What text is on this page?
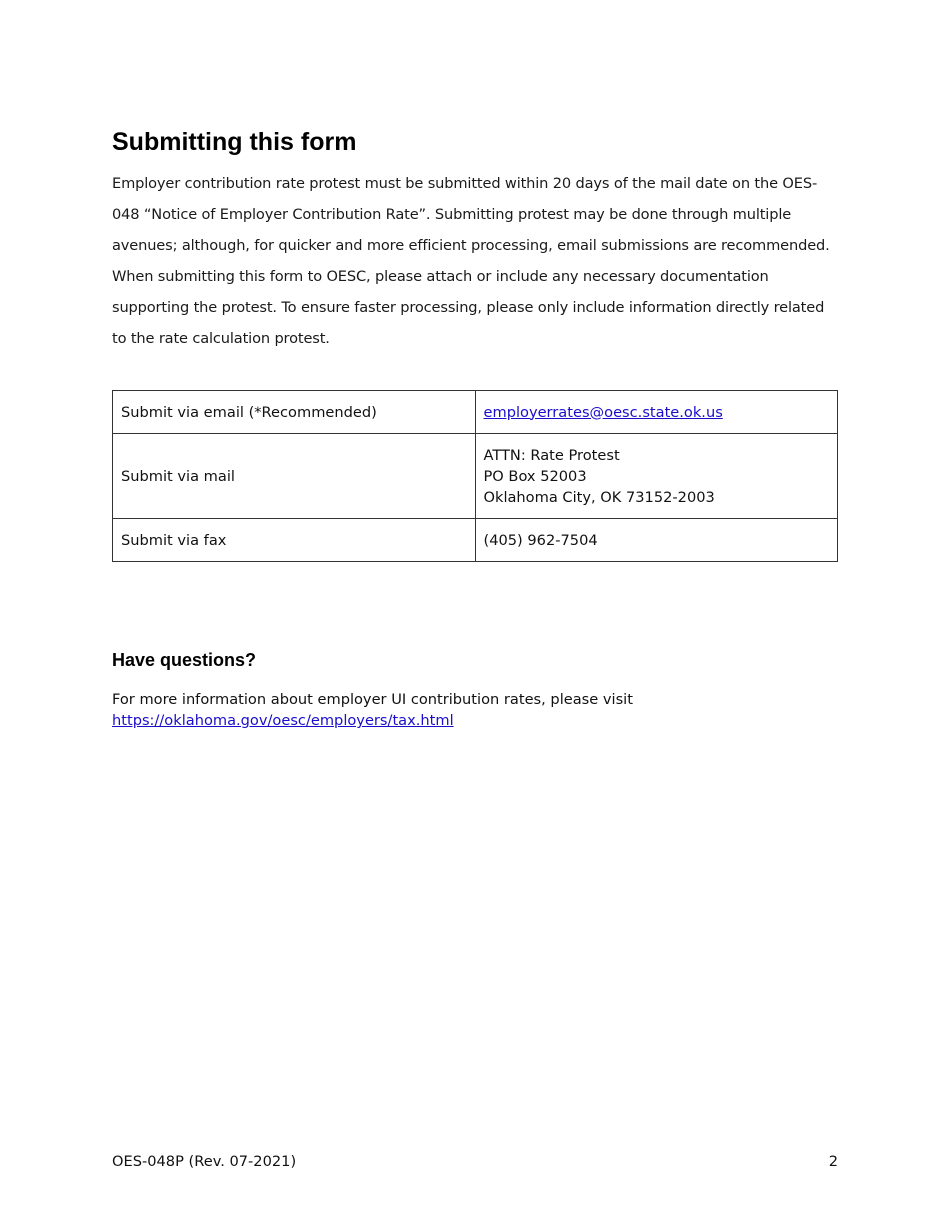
Submitting this form

Employer contribution rate protest must be submitted within 20 days of the mail date on the OES-048 “Notice of Employer Contribution Rate”. Submitting protest may be done through multiple avenues; although, for quicker and more efficient processing, email submissions are recommended. When submitting this form to OESC, please attach or include any necessary documentation supporting the protest. To ensure faster processing, please only include information directly related to the rate calculation protest.

Submit via email (*Recommended)	employerrates@oesc.state.ok.us
Submit via mail	ATTN: Rate Protest
PO Box 52003
Oklahoma City, OK 73152-2003

Submit via fax	(405) 962-7504
Have questions?
For more information about employer UI contribution rates, please visit
https://oklahoma.gov/oesc/employers/tax.html
OES-048P (Rev. 07-2021)	2
